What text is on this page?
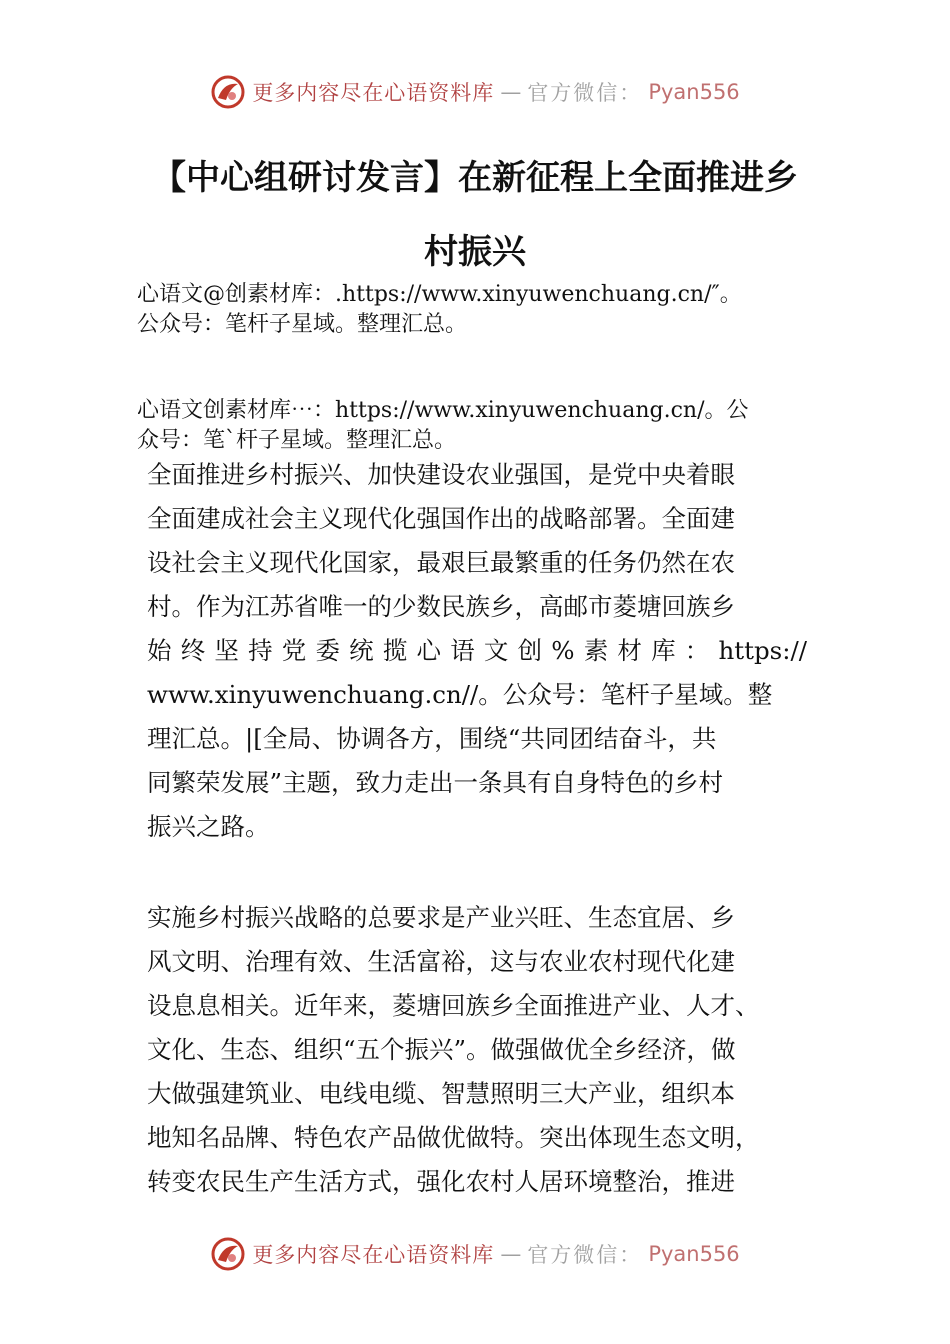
更多内容尽在心语资料库 — 官方微信： Pyan556
【中心组研讨发言】在新征程上全面推进乡
村振兴
心语文@创素材库：.https://www.xinyuwenchuang.cn/″。
公众号：笔杆子星域。整理汇总。
心语文创素材库⋯：https://www.xinyuwenchuang.cn/。公
众号：笔`杆子星域。整理汇总。
全面推进乡村振兴、加快建设农业强国，是党中央着眼
全面建成社会主义现代化强国作出的战略部署。全面建
设社会主义现代化国家，最艰巨最繁重的任务仍然在农
村。作为江苏省唯一的少数民族乡，高邮市菱塘回族乡
始终坚持党委统揽心语文创%素材库：https://
www.xinyuwenchuang.cn//。公众号：笔杆子星域。整
理汇总。|[全局、协调各方，围绕“共同团结奋斗，共
同繁荣发展”主题，致力走出一条具有自身特色的乡村
振兴之路。
实施乡村振兴战略的总要求是产业兴旺、生态宜居、乡
风文明、治理有效、生活富裕，这与农业农村现代化建
设息息相关。近年来，菱塘回族乡全面推进产业、人才、
文化、生态、组织“五个振兴”。做强做优全乡经济，做
大做强建筑业、电线电缆、智慧照明三大产业，组织本
地知名品牌、特色农产品做优做特。突出体现生态文明，
转变农民生产生活方式，强化农村人居环境整治，推进
更多内容尽在心语资料库 — 官方微信： Pyan556
